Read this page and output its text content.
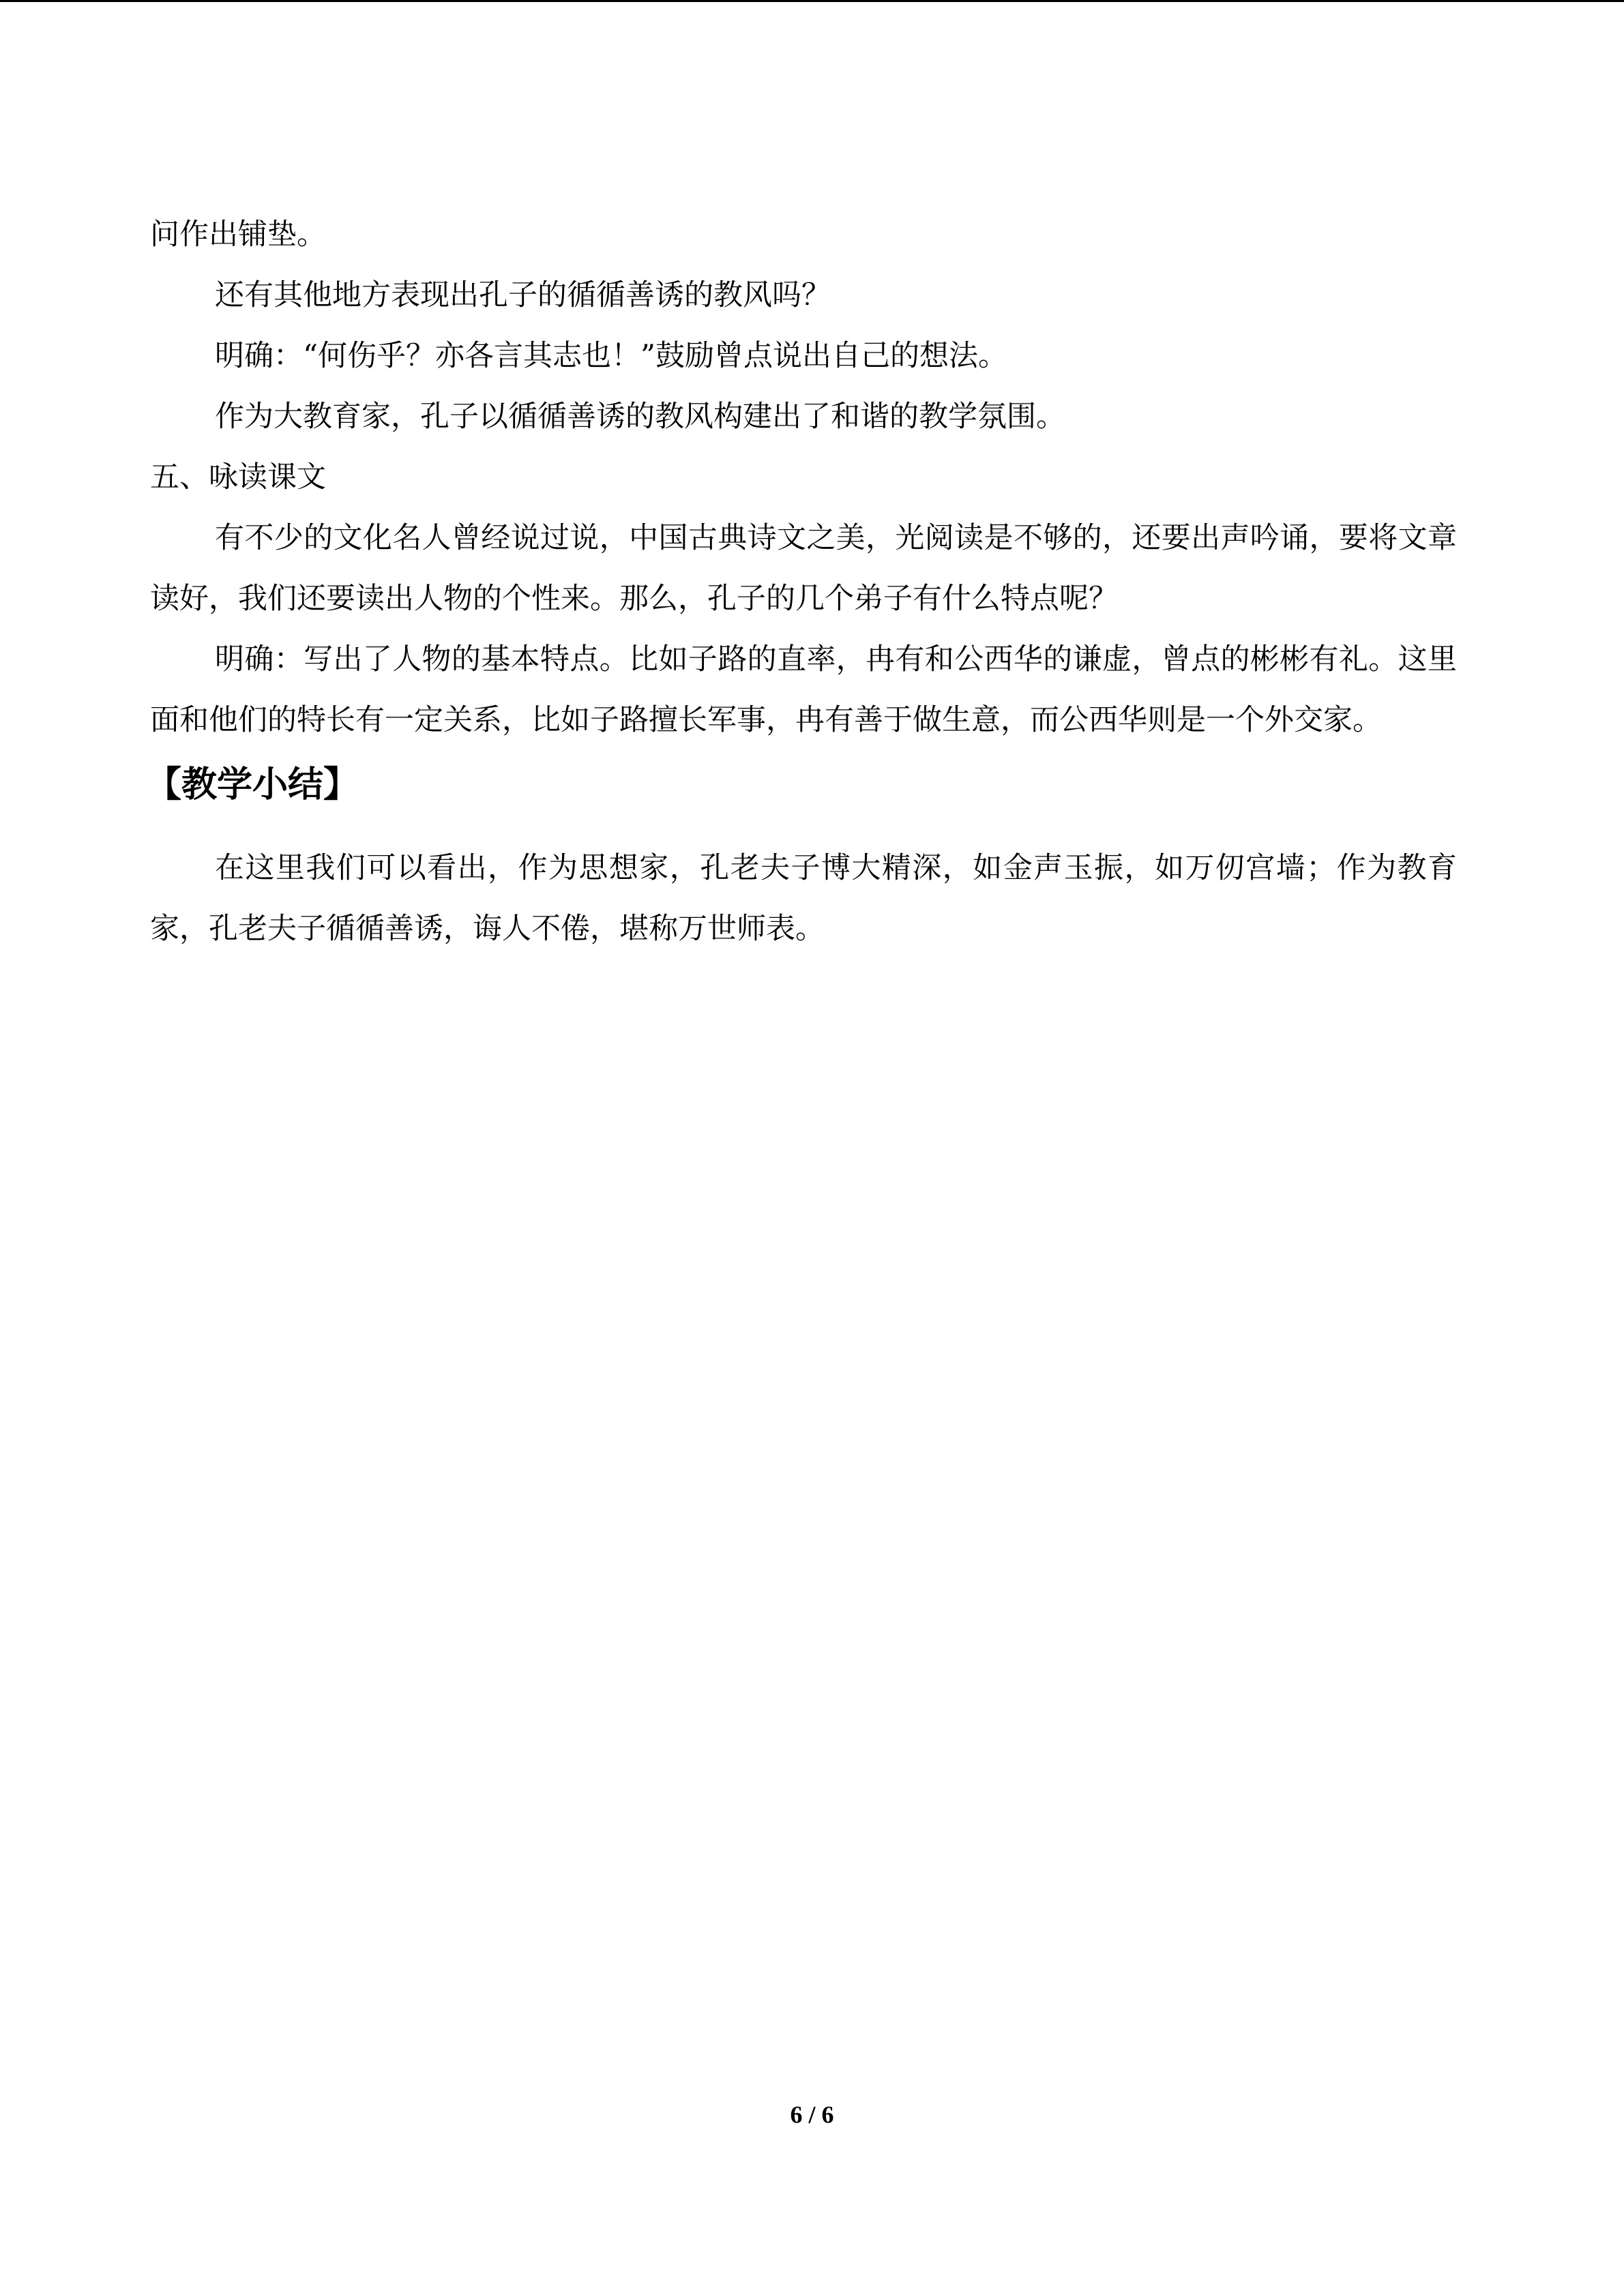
问作出铺垫。

还有其他地方表现出孔子的循循善诱的教风吗？

明确：“何伤乎？亦各言其志也！”鼓励曾点说出自己的想法。

作为大教育家，孔子以循循善诱的教风构建出了和谐的教学氛围。

五、咏读课文

有不少的文化名人曾经说过说，中国古典诗文之美，光阅读是不够的，还要出声吟诵，要将文章读好，我们还要读出人物的个性来。那么，孔子的几个弟子有什么特点呢？

明确：写出了人物的基本特点。比如子路的直率，冉有和公西华的谦虚，曾点的彬彬有礼。这里面和他们的特长有一定关系，比如子路擅长军事，冉有善于做生意，而公西华则是一个外交家。

【教学小结】

在这里我们可以看出，作为思想家，孔老夫子博大精深，如金声玉振，如万仞宫墙；作为教育家，孔老夫子循循善诱，诲人不倦，堪称万世师表。

6 / 6
